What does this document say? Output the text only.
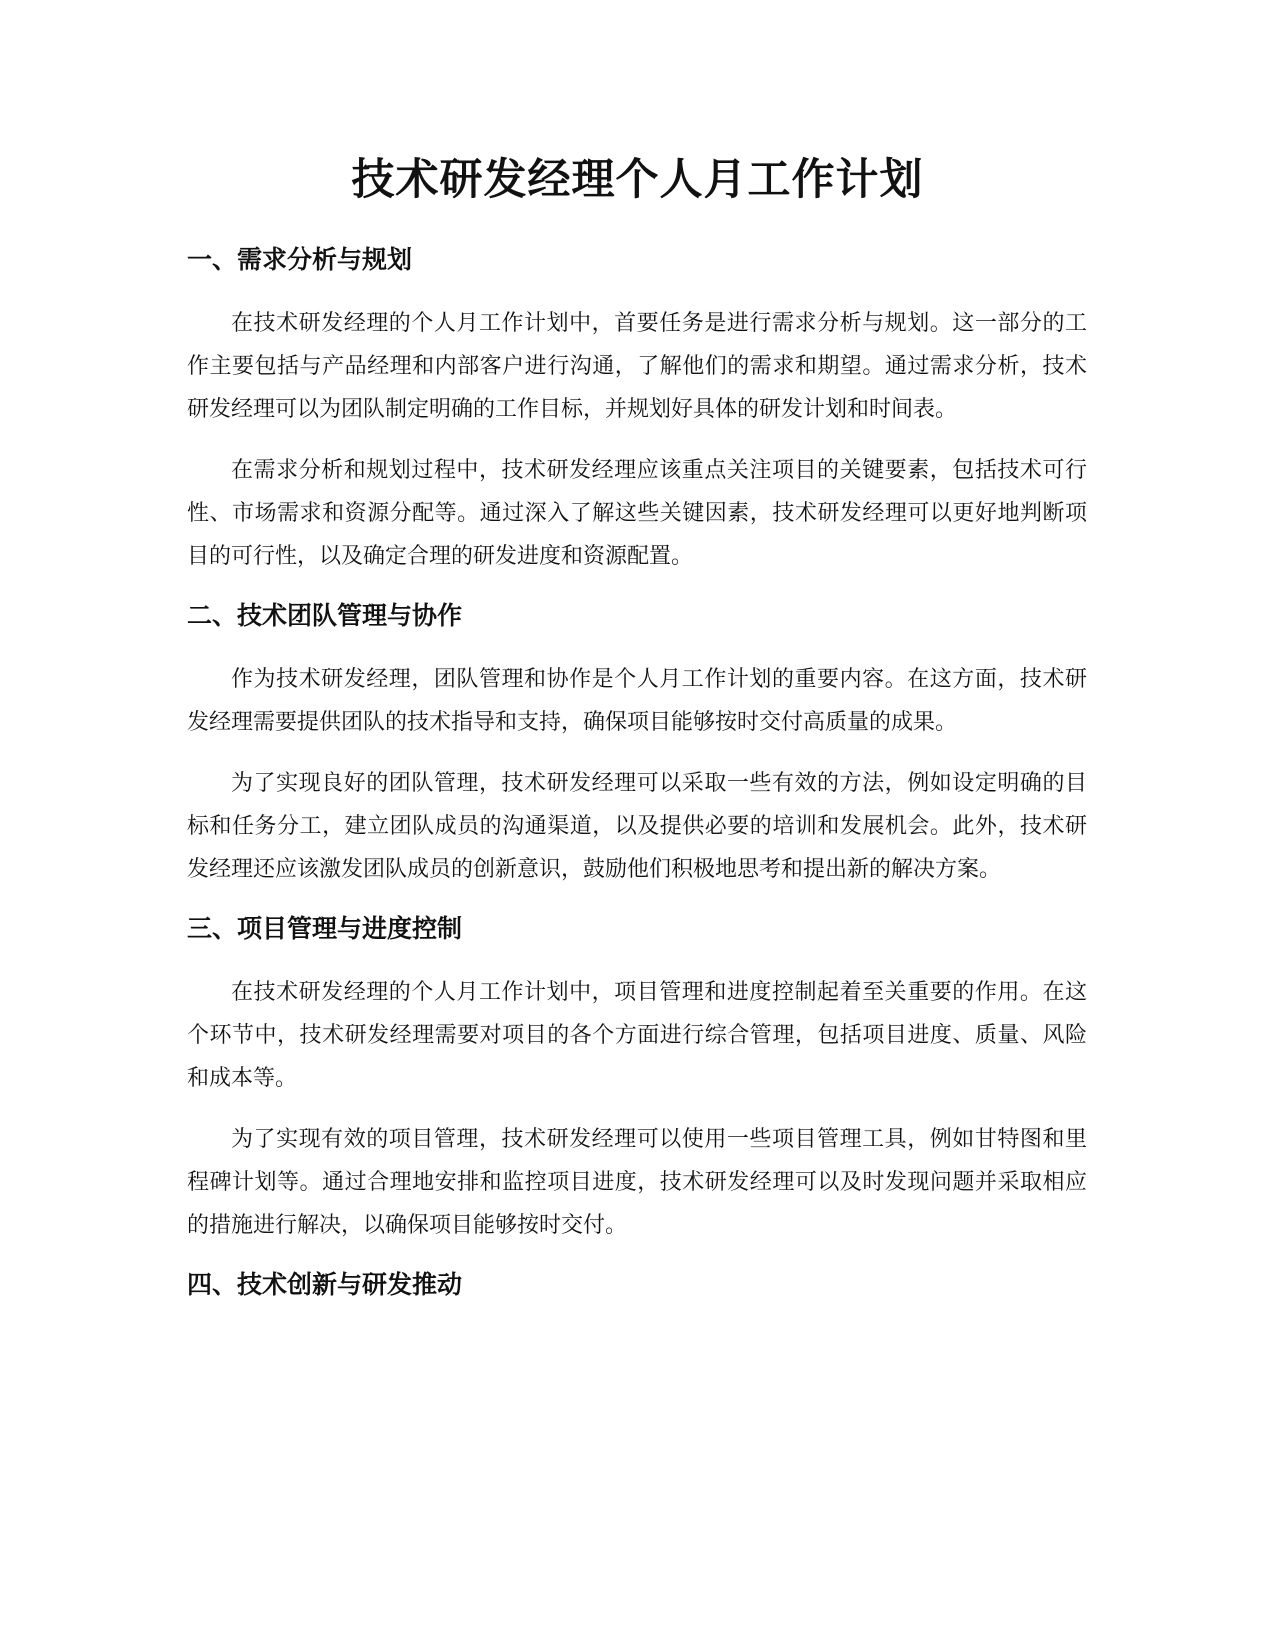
技术研发经理个人月工作计划
一、需求分析与规划

在技术研发经理的个人月工作计划中，首要任务是进行需求分析与规划。这一部分的工作主要包括与产品经理和内部客户进行沟通，了解他们的需求和期望。通过需求分析，技术研发经理可以为团队制定明确的工作目标，并规划好具体的研发计划和时间表。

在需求分析和规划过程中，技术研发经理应该重点关注项目的关键要素，包括技术可行性、市场需求和资源分配等。通过深入了解这些关键因素，技术研发经理可以更好地判断项目的可行性，以及确定合理的研发进度和资源配置。

二、技术团队管理与协作

作为技术研发经理，团队管理和协作是个人月工作计划的重要内容。在这方面，技术研发经理需要提供团队的技术指导和支持，确保项目能够按时交付高质量的成果。

为了实现良好的团队管理，技术研发经理可以采取一些有效的方法，例如设定明确的目标和任务分工，建立团队成员的沟通渠道，以及提供必要的培训和发展机会。此外，技术研发经理还应该激发团队成员的创新意识，鼓励他们积极地思考和提出新的解决方案。

三、项目管理与进度控制

在技术研发经理的个人月工作计划中，项目管理和进度控制起着至关重要的作用。在这个环节中，技术研发经理需要对项目的各个方面进行综合管理，包括项目进度、质量、风险和成本等。

为了实现有效的项目管理，技术研发经理可以使用一些项目管理工具，例如甘特图和里程碑计划等。通过合理地安排和监控项目进度，技术研发经理可以及时发现问题并采取相应的措施进行解决，以确保项目能够按时交付。

四、技术创新与研发推动
